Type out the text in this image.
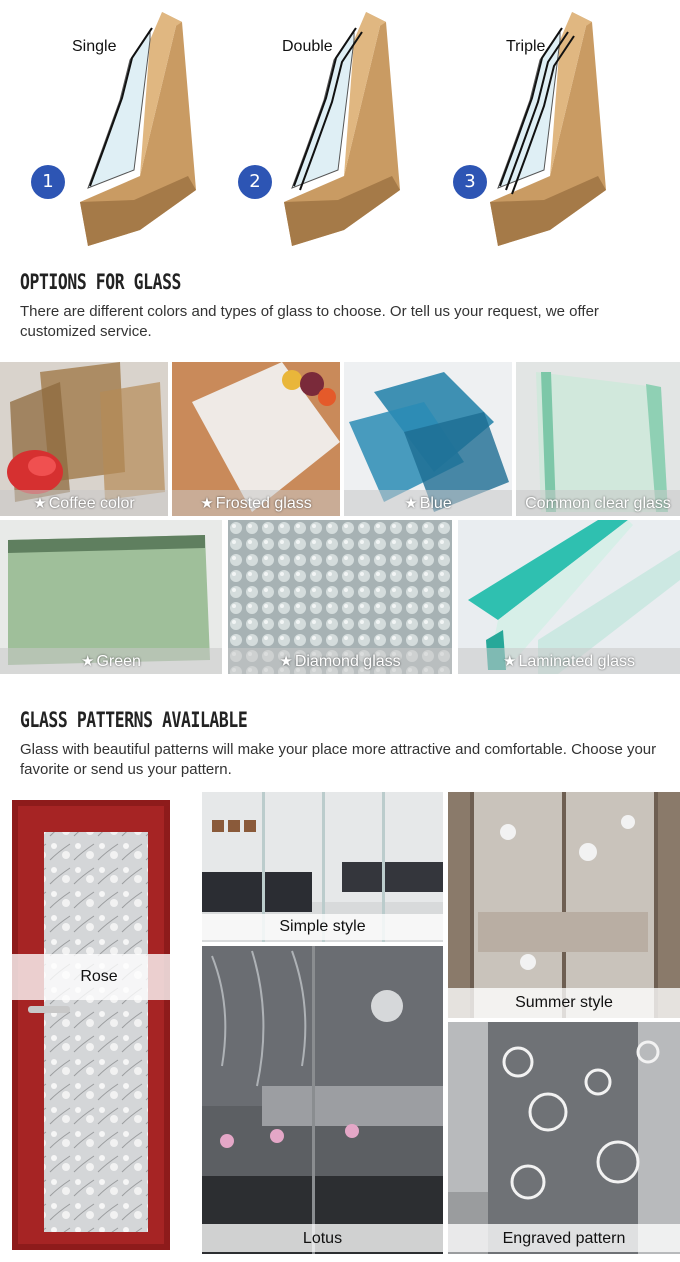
Single	Double	Triple
1	2	3
OPTIONS FOR GLASS
There are different colors and types of glass to choose. Or tell us your request, we offer customized service.
★ Coffee color	★ Frosted glass	★ Blue	Common clear glass
★ Green	★ Diamond glass	★ Laminated glass
GLASS PATTERNS AVAILABLE
Glass with beautiful patterns will make your place more attractive and comfortable. Choose your favorite or send us your pattern.
Rose
Simple style
Summer style
Lotus	Engraved pattern
